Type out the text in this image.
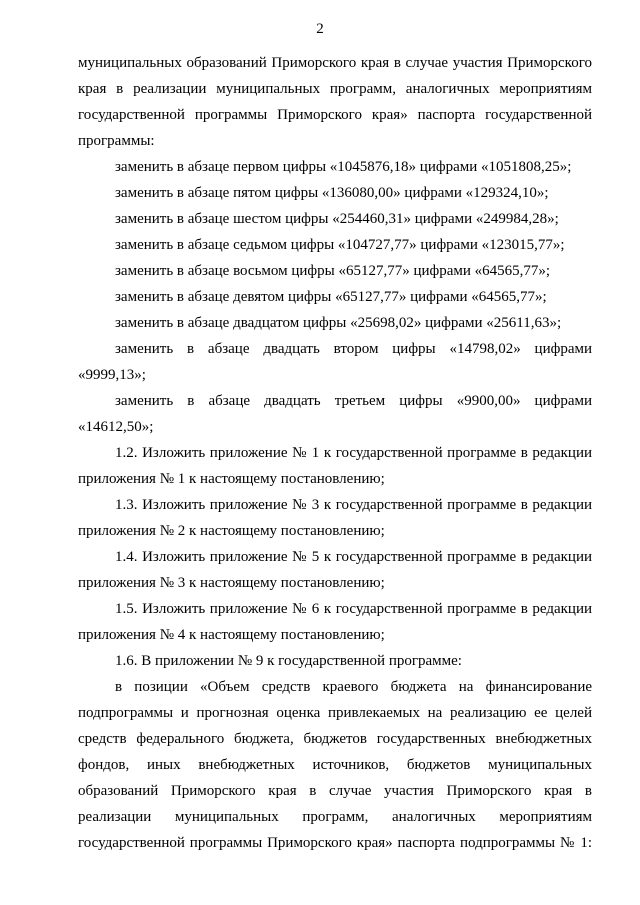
2

муниципальных образований Приморского края в случае участия Приморского края в реализации муниципальных программ, аналогичных мероприятиям государственной программы Приморского края» паспорта государственной программы:

заменить в абзаце первом цифры «1045876,18» цифрами «1051808,25»;

заменить в абзаце пятом цифры «136080,00» цифрами «129324,10»;

заменить в абзаце шестом цифры «254460,31» цифрами «249984,28»;

заменить в абзаце седьмом цифры «104727,77» цифрами «123015,77»;

заменить в абзаце восьмом цифры «65127,77» цифрами «64565,77»;

заменить в абзаце девятом цифры «65127,77» цифрами «64565,77»;

заменить в абзаце двадцатом цифры «25698,02» цифрами «25611,63»;

заменить в абзаце двадцать втором цифры «14798,02» цифрами «9999,13»;

заменить в абзаце двадцать третьем цифры «9900,00» цифрами «14612,50»;

1.2. Изложить приложение № 1 к государственной программе в редакции приложения № 1 к настоящему постановлению;

1.3. Изложить приложение № 3 к государственной программе в редакции приложения № 2 к настоящему постановлению;

1.4. Изложить приложение № 5 к государственной программе в редакции приложения № 3 к настоящему постановлению;

1.5. Изложить приложение № 6 к государственной программе в редакции приложения № 4 к настоящему постановлению;

1.6. В приложении № 9 к государственной программе:

в позиции «Объем средств краевого бюджета на финансирование подпрограммы и прогнозная оценка привлекаемых на реализацию ее целей средств федерального бюджета, бюджетов государственных внебюджетных фондов, иных внебюджетных источников, бюджетов муниципальных образований Приморского края в случае участия Приморского края в реализации муниципальных программ, аналогичных мероприятиям государственной программы Приморского края» паспорта подпрограммы № 1:
